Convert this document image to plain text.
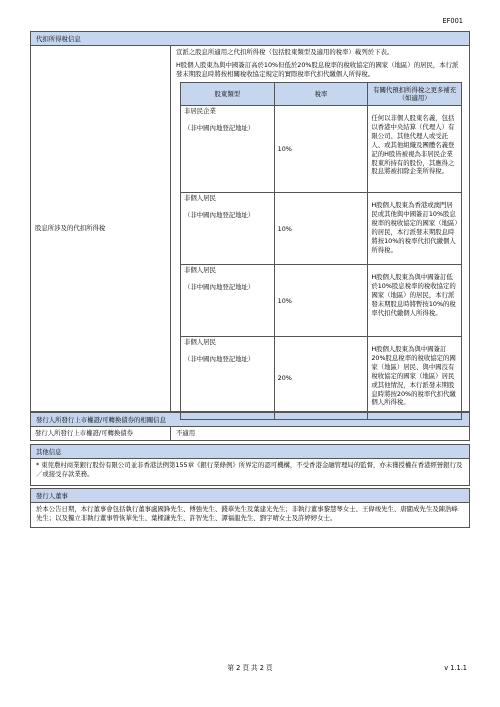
EF001
代扣所得稅信息
股息所涉及的代扣所得稅
宣派之股息所適用之代扣所得稅（包括股東類型及適用的稅率）載列於下表。
H股個人股東為與中國簽訂高於10%但低於20%股息稅率的稅收協定的國家（地區）的居民，本行派發末期股息時將按相關稅收協定規定的實際稅率代扣代繳個人所得稅。
股東類型	稅率	有關代預扣所得稅之更多補充（如適用）
非居民企業
（非中國內地登記地址）	10%	任何以非個人股東名義，包括以香港中央結算（代理人）有限公司、其他代理人或受託人、或其他組織及團體名義登記的H股皆被視為非居民企業股東所持有的股份，其應得之股息將被扣除企業所得稅。
非個人居民
（非中國內地登記地址）	10%	H股個人股東為香港或澳門居民或其他與中國簽訂10%股息稅率的稅收協定的國家（地區）的居民，本行派發末期股息時將按10%的稅率代扣代繳個人所得稅。
非個人居民
（非中國內地登記地址）	10%	H股個人股東為與中國簽訂低於10%股息稅率的稅收協定的國家（地區）的居民，本行派發末期股息時將暫按10%的稅率代扣代繳個人所得稅。
非個人居民
（非中國內地登記地址）	20%	H股個人股東為與中國簽訂20%股息稅率的稅收協定的國家（地區）居民、與中國沒有稅收協定的國家（地區）居民或其他情況，本行派發末期股息時將按20%的稅率代扣代繳個人所得稅。
發行人所發行上市權證/可轉換債券的相關信息
發行人所發行上市權證/可轉換債券	不適用
其他信息
* 東莞農村商業銀行股份有限公司並非香港法例第155章《銀行業條例》所界定的認可機構，不受香港金融管理局的監督，亦未獲授權在香港經營銀行及／或接受存款業務。
發行人董事
於本公告日期，本行董事會包括執行董事盧國鋒先生、傅強先生、錢華先生及葉建光先生；非執行董事黎慧琴女士、王偉竣先生、唐閬成先生及陳浩峰先生；以及獨立非執行董事曾恢華先生、葉樑謙先生、許智先生、譚福龍先生、劉宇晴女士及許婷婷女士。
第 2 頁 共 2 頁	v 1.1.1
